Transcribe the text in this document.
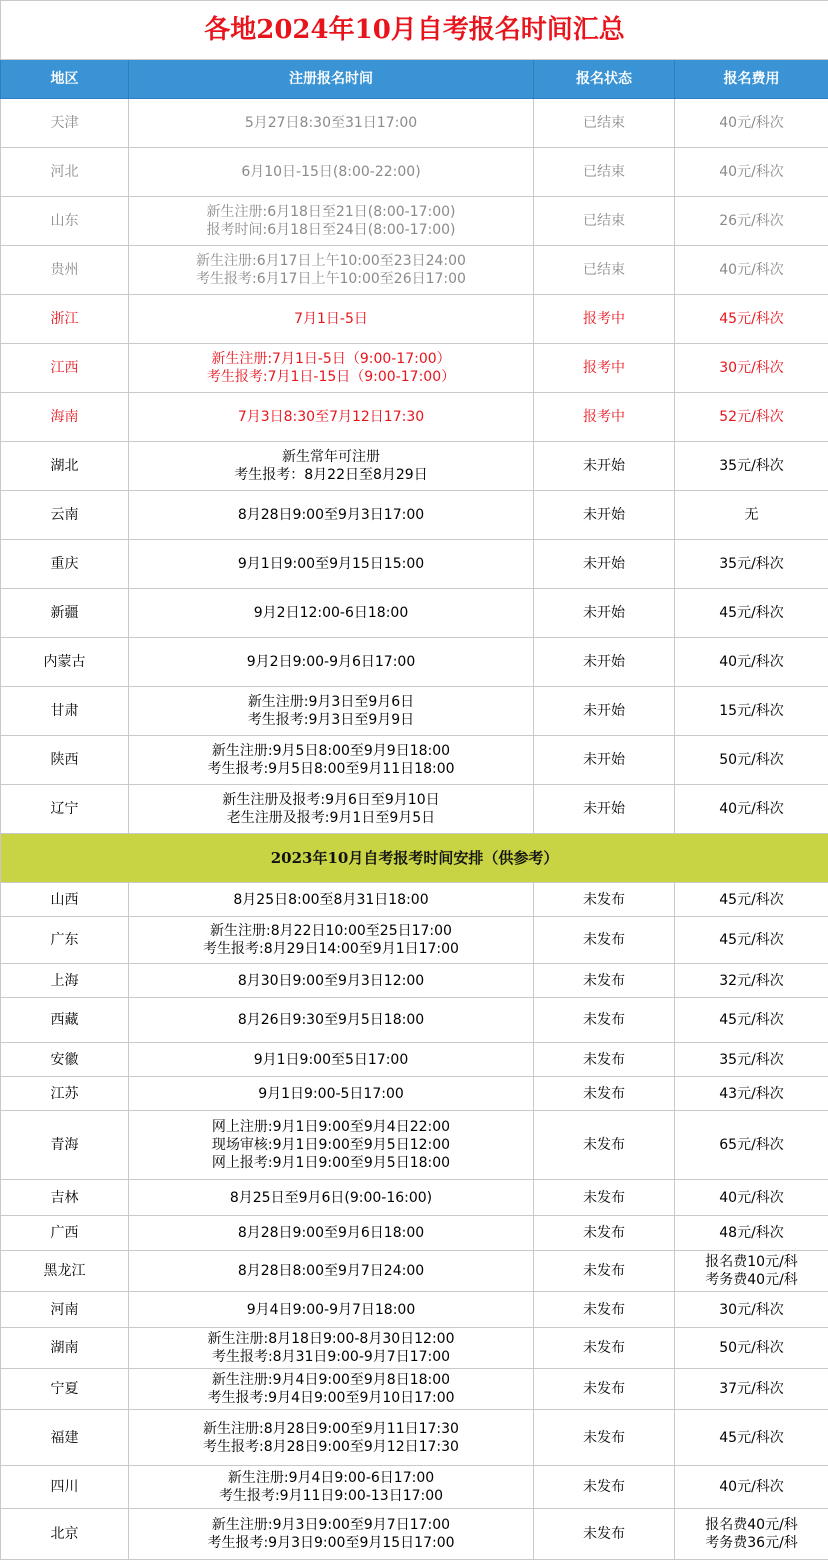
各地2024年10月自考报名时间汇总			
地区	注册报名时间	报名状态	报名费用
天津	5月27日8:30至31日17:00	已结束	40元/科次
河北	6月10日-15日(8:00-22:00)	已结束	40元/科次
山东	新生注册:6月18日至21日(8:00-17:00)
报考时间:6月18日至24日(8:00-17:00)	已结束	26元/科次
贵州	新生注册:6月17日上午10:00至23日24:00
考生报考:6月17日上午10:00至26日17:00	已结束	40元/科次
浙江	7月1日-5日	报考中	45元/科次
江西	新生注册:7月1日-5日（9:00-17:00）
考生报考:7月1日-15日（9:00-17:00）	报考中	30元/科次
海南	7月3日8:30至7月12日17:30	报考中	52元/科次
湖北	新生常年可注册
考生报考：8月22日至8月29日	未开始	35元/科次
云南	8月28日9:00至9月3日17:00	未开始	无
重庆	9月1日9:00至9月15日15:00	未开始	35元/科次
新疆	9月2日12:00-6日18:00	未开始	45元/科次
内蒙古	9月2日9:00-9月6日17:00	未开始	40元/科次
甘肃	新生注册:9月3日至9月6日
考生报考:9月3日至9月9日	未开始	15元/科次
陕西	新生注册:9月5日8:00至9月9日18:00
考生报考:9月5日8:00至9月11日18:00	未开始	50元/科次
辽宁	新生注册及报考:9月6日至9月10日
老生注册及报考:9月1日至9月5日	未开始	40元/科次
2023年10月自考报考时间安排（供参考）			
山西	8月25日8:00至8月31日18:00	未发布	45元/科次
广东	新生注册:8月22日10:00至25日17:00
考生报考:8月29日14:00至9月1日17:00	未发布	45元/科次
上海	8月30日9:00至9月3日12:00	未发布	32元/科次
西藏	8月26日9:30至9月5日18:00	未发布	45元/科次
安徽	9月1日9:00至5日17:00	未发布	35元/科次
江苏	9月1日9:00-5日17:00	未发布	43元/科次
青海	网上注册:9月1日9:00至9月4日22:00
现场审核:9月1日9:00至9月5日12:00
网上报考:9月1日9:00至9月5日18:00	未发布	65元/科次
吉林	8月25日至9月6日(9:00-16:00)	未发布	40元/科次
广西	8月28日9:00至9月6日18:00	未发布	48元/科次
黑龙江	8月28日8:00至9月7日24:00	未发布	报名费10元/科
考务费40元/科
河南	9月4日9:00-9月7日18:00	未发布	30元/科次
湖南	新生注册:8月18日9:00-8月30日12:00
考生报考:8月31日9:00-9月7日17:00	未发布	50元/科次
宁夏	新生注册:9月4日9:00至9月8日18:00
考生报考:9月4日9:00至9月10日17:00	未发布	37元/科次
福建	新生注册:8月28日9:00至9月11日17:30
考生报考:8月28日9:00至9月12日17:30	未发布	45元/科次
四川	新生注册:9月4日9:00-6日17:00
考生报考:9月11日9:00-13日17:00	未发布	40元/科次
北京	新生注册:9月3日9:00至9月7日17:00
考生报考:9月3日9:00至9月15日17:00	未发布	报名费40元/科
考务费36元/科
